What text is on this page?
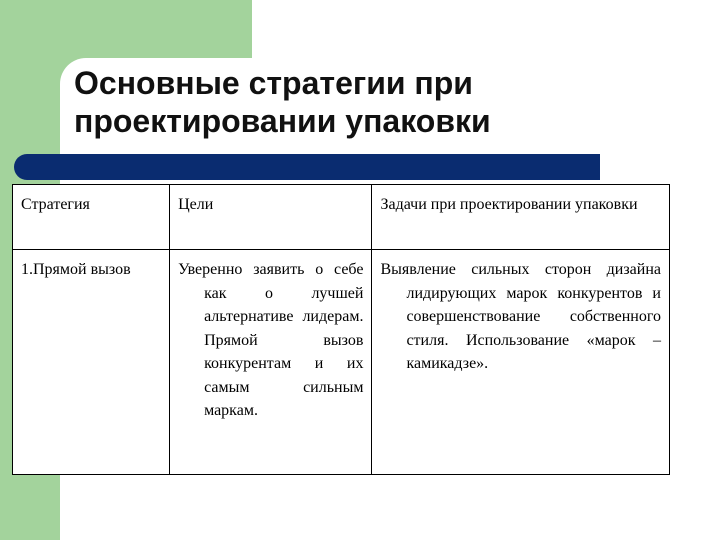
Основные стратегии при
проектировании упаковки
Стратегия	Цели	Задачи при проектировании упаковки
1.Прямой вызов	Уверенно заявить о себе как о лучшей альтернативе лидерам. Прямой вызов конкурентам и их самым сильным маркам.	Выявление сильных сторон дизайна лидирующих марок конкурентов и совершенствование собственного стиля. Использование «марок – камикадзе».
